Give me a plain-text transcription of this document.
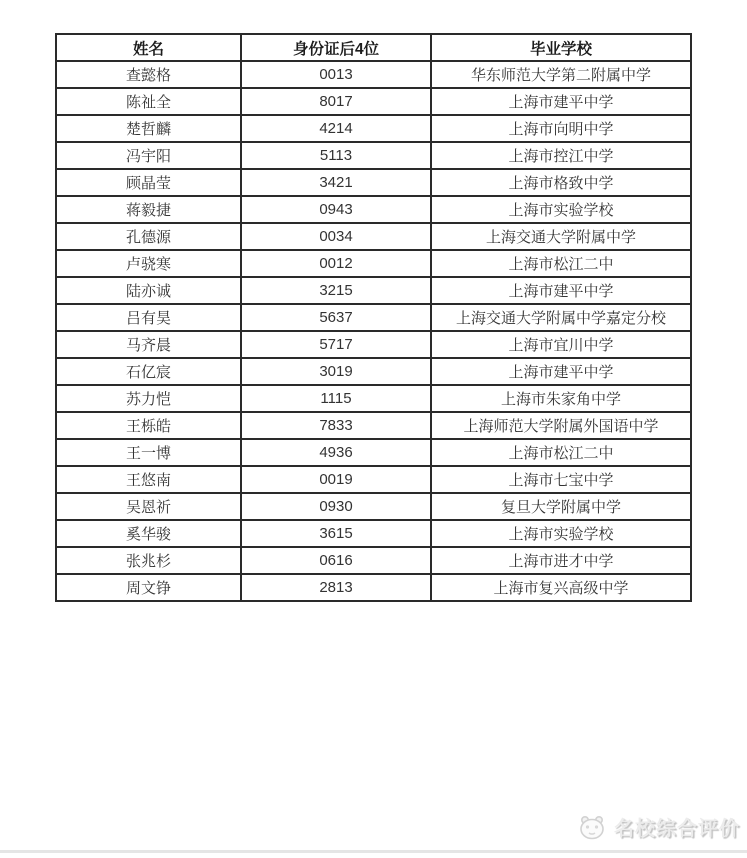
姓名	身份证后4位	毕业学校
查懿格	0013	华东师范大学第二附属中学
陈祉全	8017	上海市建平中学
楚哲麟	4214	上海市向明中学
冯宇阳	5113	上海市控江中学
顾晶莹	3421	上海市格致中学
蒋毅捷	0943	上海市实验学校
孔德源	0034	上海交通大学附属中学
卢骁寒	0012	上海市松江二中
陆亦诚	3215	上海市建平中学
吕有昊	5637	上海交通大学附属中学嘉定分校
马齐晨	5717	上海市宜川中学
石亿宸	3019	上海市建平中学
苏力恺	1115	上海市朱家角中学
王栎皓	7833	上海师范大学附属外国语中学
王一博	4936	上海市松江二中
王悠南	0019	上海市七宝中学
吴恩祈	0930	复旦大学附属中学
奚华骏	3615	上海市实验学校
张兆杉	0616	上海市进才中学
周文铮	2813	上海市复兴高级中学
名校综合评价
